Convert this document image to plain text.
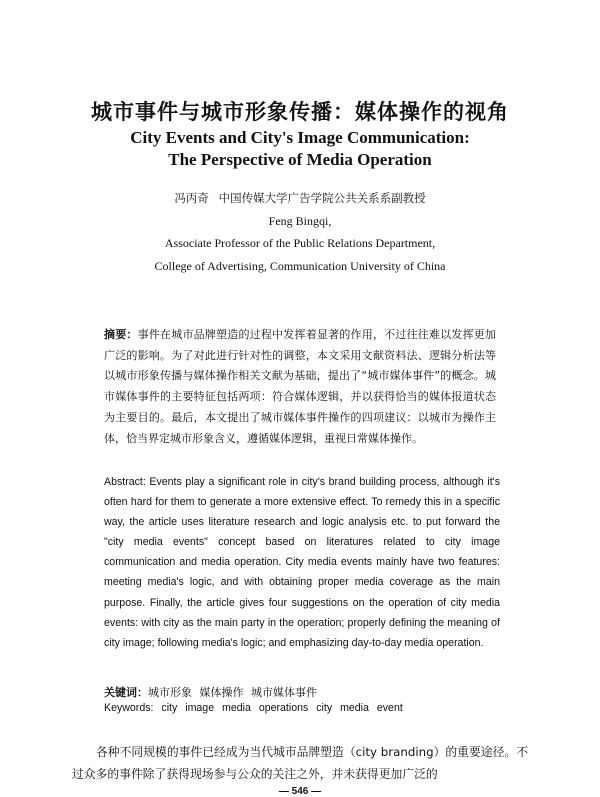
城市事件与城市形象传播：媒体操作的视角
City Events and City's Image Communication:
The Perspective of Media Operation
冯丙奇 中国传媒大学广告学院公共关系系副教授
Feng Bingqi,
Associate Professor of the Public Relations Department,
College of Advertising, Communication University of China
摘要：事件在城市品牌塑造的过程中发挥着显著的作用，不过往往难以发挥更加广泛的影响。为了对此进行针对性的调整，本文采用文献资料法、逻辑分析法等以城市形象传播与媒体操作相关文献为基础，提出了“城市媒体事件”的概念。城市媒体事件的主要特征包括两项：符合媒体逻辑，并以获得恰当的媒体报道状态为主要目的。最后，本文提出了城市媒体事件操作的四项建议：以城市为操作主体，恰当界定城市形象含义，遵循媒体逻辑，重视日常媒体操作。
Abstract: Events play a significant role in city's brand building process, although it's often hard for them to generate a more extensive effect. To remedy this in a specific way, the article uses literature research and logic analysis etc. to put forward the "city media events" concept based on literatures related to city image communication and media operation. City media events mainly have two features: meeting media's logic, and with obtaining proper media coverage as the main purpose. Finally, the article gives four suggestions on the operation of city media events: with city as the main party in the operation; properly defining the meaning of city image; following media's logic; and emphasizing day-to-day media operation.
关键词：城市形象 媒体操作 城市媒体事件
Keywords: city image media operations city media event
各种不同规模的事件已经成为当代城市品牌塑造（city branding）的重要途径。不过众多的事件除了获得现场参与公众的关注之外，并未获得更加广泛的
— 546 —
